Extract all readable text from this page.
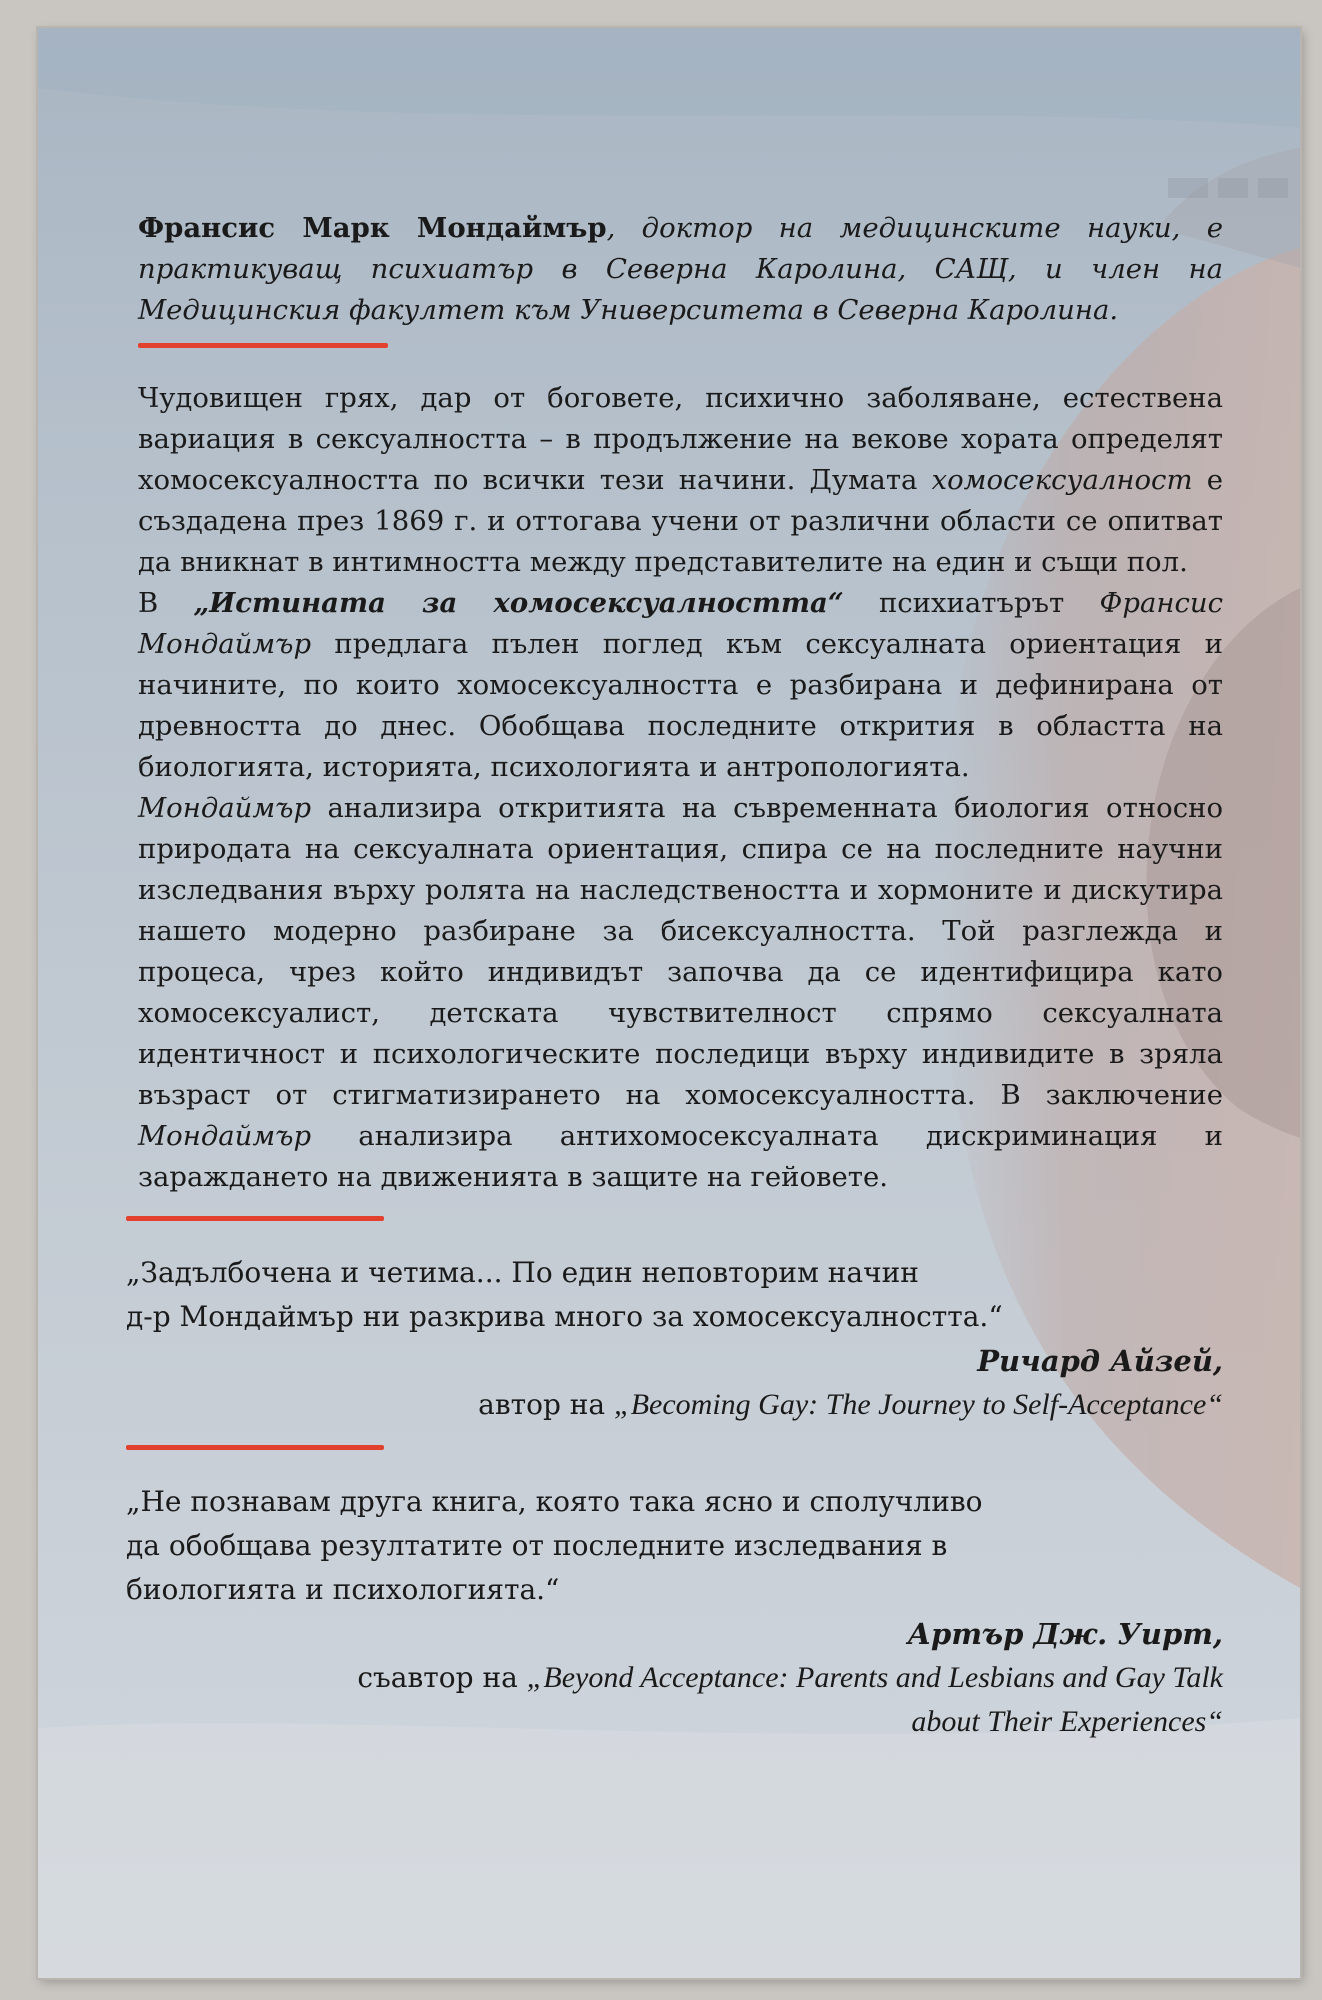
Франсис Марк Мондаймър, доктор на медицинските науки, е практикуващ психиатър в Северна Каролина, САЩ, и член на Медицинския факултет към Университета в Северна Каролина.

Чудовищен грях, дар от боговете, психично заболяване, естествена вариация в сексуалността – в продължение на векове хората определят хомосексуалността по всички тези начини. Думата хомосексуалност е създадена през 1869 г. и оттогава учени от различни области се опитват да вникнат в интимността между представителите на един и същи пол.

В „Истината за хомосексуалността“ психиатърът Франсис Мондаймър предлага пълен поглед към сексуалната ориентация и начините, по които хомосексуалността е разбирана и дефинирана от древността до днес. Обобщава последните открития в областта на биологията, историята, психологията и антропологията.

Мондаймър анализира откритията на съвременната биология относно природата на сексуалната ориентация, спира се на последните научни изследвания върху ролята на наследствеността и хормоните и дискутира нашето модерно разбиране за бисексуалността. Той разглежда и процеса, чрез който индивидът започва да се идентифицира като хомосексуалист, детската чувствителност спрямо сексуалната идентичност и психологическите последици върху индивидите в зряла възраст от стигматизирането на хомосексуалността. В заключение Мондаймър анализира антихомосексуалната дискриминация и зараждането на движенията в защите на гейовете.

„Задълбочена и четима... По един неповторим начин

д-р Мондаймър ни разкрива много за хомосексуалността.“

Ричард Айзей,

автор на „Becoming Gay: The Journey to Self-Acceptance“

„Не познавам друга книга, която така ясно и сполучливо

да обобщава резултатите от последните изследвания в

биологията и психологията.“

Артър Дж. Уирт,

съавтор на „Beyond Acceptance: Parents and Lesbians and Gay Talk

about Their Experiences“
